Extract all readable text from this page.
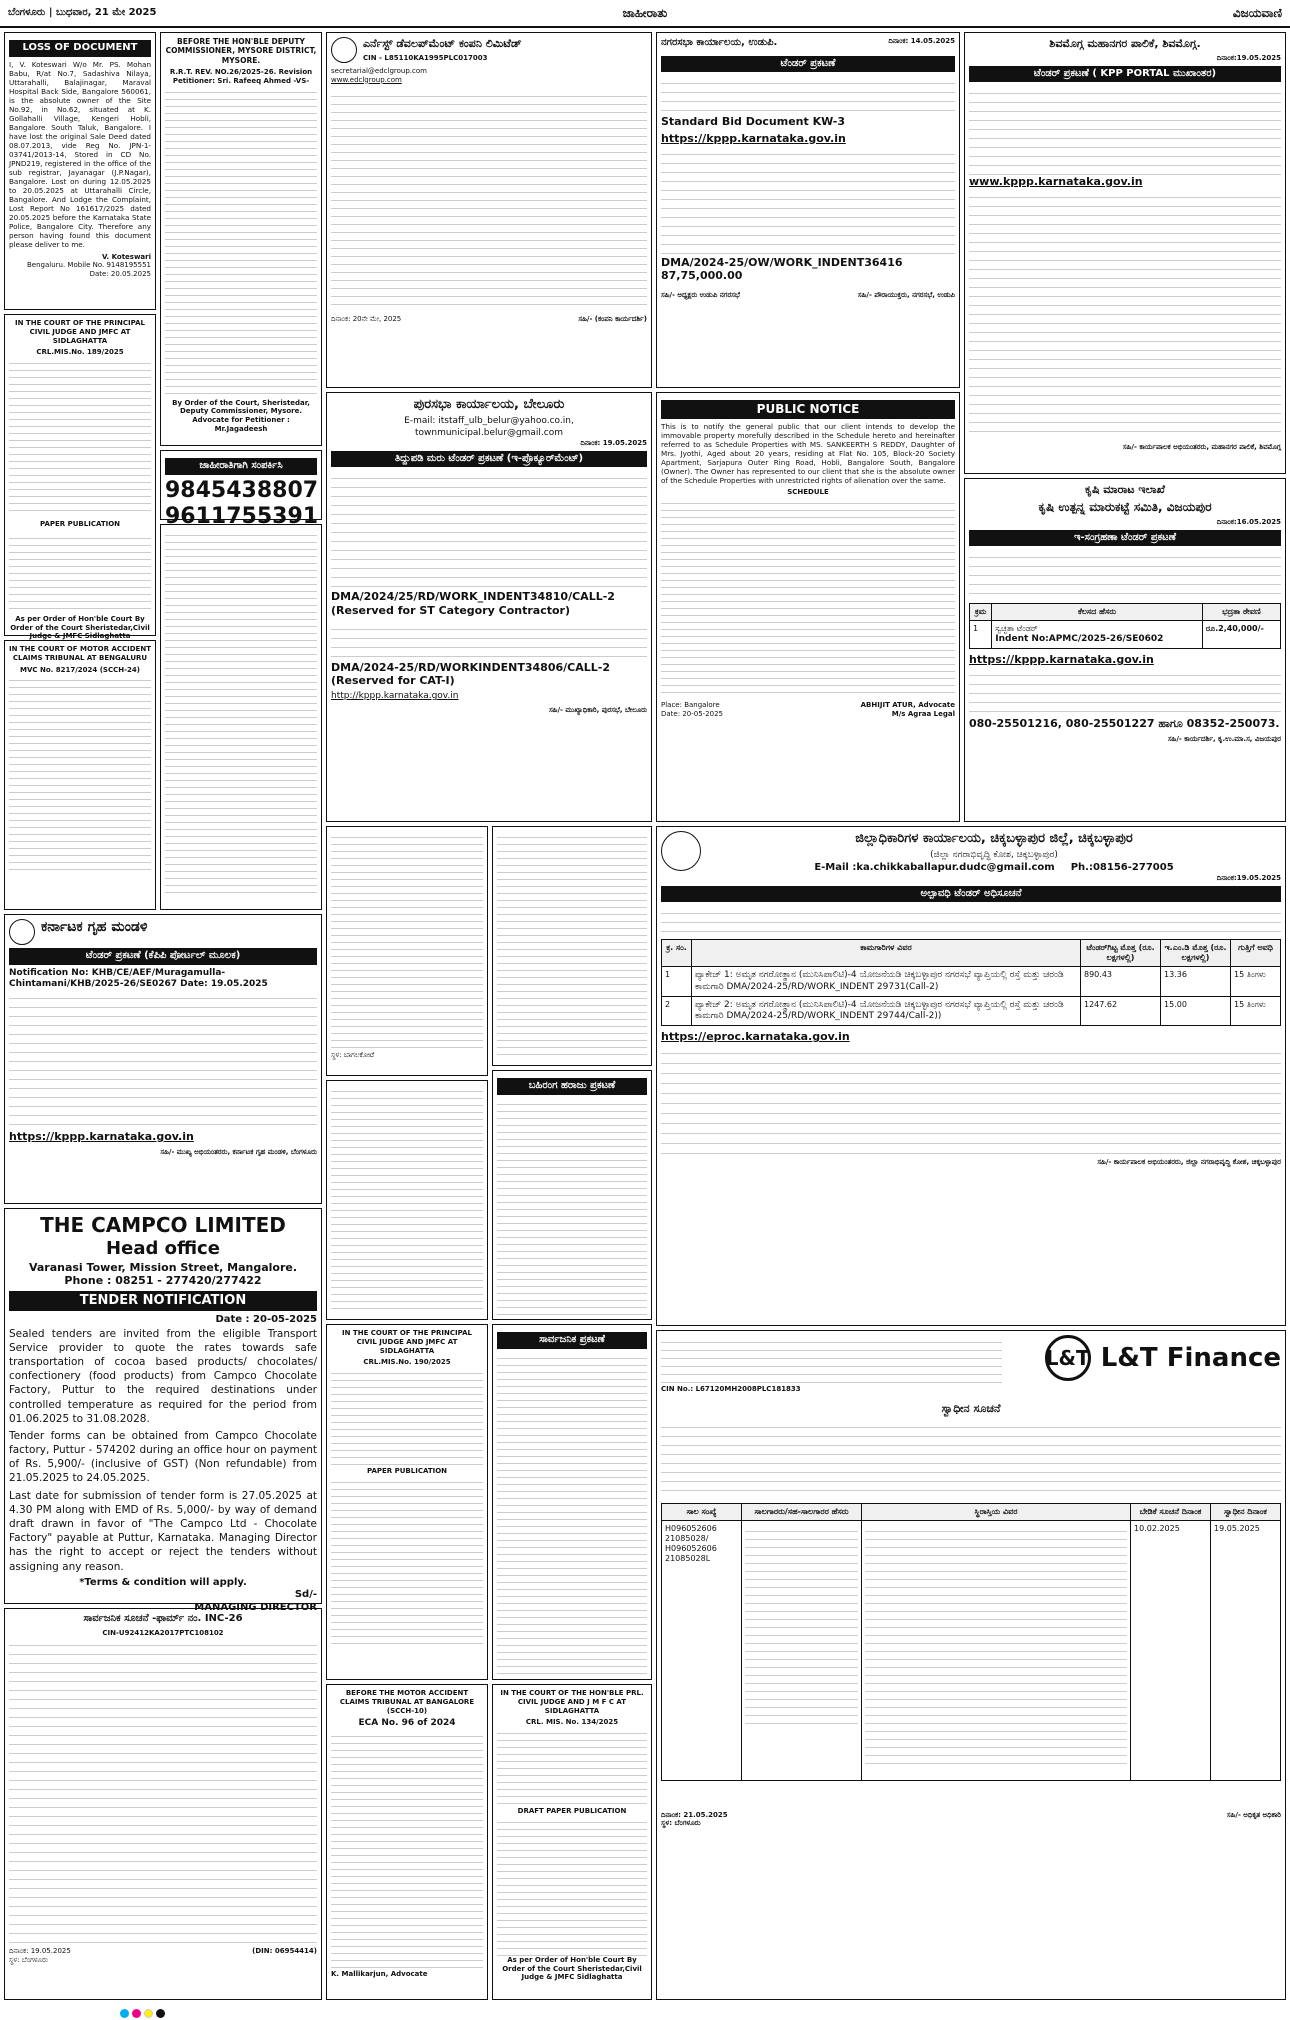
ಬೆಂಗಳೂರು | ಬುಧವಾರ, 21 ಮೇ 2025	ಜಾಹೀರಾತು	ವಿಜಯವಾಣಿ
LOSS OF DOCUMENT

I, V. Koteswari W/o Mr. PS. Mohan Babu, R/at No.7, Sadashiva Nilaya, Uttarahalli, Balajinagar, Maraval Hospital Back Side, Bangalore 560061, is the absolute owner of the Site No.92, in No.62, situated at K. Gollahalli Village, Kengeri Hobli, Bangalore South Taluk, Bangalore. I have lost the original Sale Deed dated 08.07.2013, vide Reg No. JPN-1-03741/2013-14, Stored in CD No. JPND219, registered in the office of the sub registrar, Jayanagar (J.P.Nagar), Bangalore. Lost on during 12.05.2025 to 20.05.2025 at Uttarahalli Circle, Bangalore. And Lodge the Complaint, Lost Report No 161617/2025 dated 20.05.2025 before the Karnataka State Police, Bangalore City. Therefore any person having found this document please deliver to me.

V. Koteswari
Bengaluru. Mobile No. 9148195551 Date: 20.05.2025
IN THE COURT OF THE PRINCIPAL CIVIL JUDGE AND JMFC AT SIDLAGHATTA
CRL.MIS.No. 189/2025
PAPER PUBLICATION
As per Order of Hon'ble Court By Order of the Court Sheristedar,Civil Judge & JMFC Sidlaghatta
IN THE COURT OF MOTOR ACCIDENT CLAIMS TRIBUNAL AT BENGALURU
MVC No. 8217/2024 (SCCH-24)
BEFORE THE HON'BLE DEPUTY COMMISSIONER, MYSORE DISTRICT, MYSORE.
R.R.T. REV. NO.26/2025-26. Revision Petitioner: Sri. Rafeeq Ahmed -VS-
By Order of the Court, Sheristedar, Deputy Commissioner, Mysore. Advocate for Petitioner : Mr.Jagadeesh
ಜಾಹೀರಾತಿಗಾಗಿ ಸಂಪರ್ಕಿಸಿ
9845438807
9611755391
ಎರ್ನೆಸ್ಟ್ ಡೆವಲಪ್‌ಮೆಂಟ್ ಕಂಪನಿ ಲಿಮಿಟೆಡ್
CIN - L85110KA1995PLC017003
secretarial@edclgroup.com
www.edclgroup.com
ದಿನಾಂಕ: 20ನೇ ಮೇ, 2025	ಸಹಿ/- (ಕಂಪನಿ ಕಾರ್ಯದರ್ಶಿ)
ಪುರಸಭಾ ಕಾರ್ಯಾಲಯ, ಬೇಲೂರು
E-mail: itstaff_ulb_belur@yahoo.co.in,
townmunicipal.belur@gmail.com
ದಿನಾಂಕ: 19.05.2025
ತಿದ್ದುಪಡಿ ಮರು ಟೆಂಡರ್ ಪ್ರಕಟಣೆ (ಇ-ಪ್ರೊಕ್ಯೂರ್‌ಮೆಂಟ್)

DMA/2024/25/RD/WORK_INDENT34810/CALL-2 (Reserved for ST Category Contractor)

DMA/2024-25/RD/WORKINDENT34806/CALL-2 (Reserved for CAT-I)

http://kppp.karnataka.gov.in
ಸಹಿ/- ಮುಖ್ಯಾಧಿಕಾರಿ, ಪುರಸಭೆ, ಬೇಲೂರು
ನಗರಸಭಾ ಕಾರ್ಯಾಲಯ, ಉಡುಪಿ.	ದಿನಾಂಕ: 14.05.2025
ಟೆಂಡರ್ ಪ್ರಕಟಣೆ

Standard Bid Document KW-3

https://kppp.karnataka.gov.in
DMA/2024-25/OW/WORK_INDENT36416
87,75,000.00
ಸಹಿ/- ಅಧ್ಯಕ್ಷರು ಉಡುಪಿ ನಗರಸಭೆ	ಸಹಿ/- ಪೌರಾಯುಕ್ತರು, ನಗರಸಭೆ, ಉಡುಪಿ
PUBLIC NOTICE

This is to notify the general public that our client intends to develop the immovable property morefully described in the Schedule hereto and hereinafter referred to as Schedule Properties with MS. SANKEERTH S REDDY, Daughter of Mrs. Jyothi, Aged about 20 years, residing at Flat No. 105, Block-20 Society Apartment, Sarjapura Outer Ring Road, Hobli, Bangalore South, Bangalore (Owner). The Owner has represented to our client that she is the absolute owner of the Schedule Properties with unrestricted rights of alienation over the same.

SCHEDULE
Place: Bangalore
Date: 20-05-2025
ABHIJIT ATUR, Advocate
M/s Agraa Legal
ಶಿವಮೊಗ್ಗ ಮಹಾನಗರ ಪಾಲಿಕೆ, ಶಿವಮೊಗ್ಗ.
ದಿನಾಂಕ:19.05.2025
ಟೆಂಡರ್ ಪ್ರಕಟಣೆ ( KPP PORTAL ಮುಖಾಂತರ)
www.kppp.karnataka.gov.in
ಸಹಿ/- ಕಾರ್ಯಪಾಲಕ ಅಭಿಯಂತರರು, ಮಹಾನಗರ ಪಾಲಿಕೆ, ಶಿವಮೊಗ್ಗ
ಕೃಷಿ ಮಾರಾಟ ಇಲಾಖೆ
ಕೃಷಿ ಉತ್ಪನ್ನ ಮಾರುಕಟ್ಟೆ ಸಮಿತಿ, ವಿಜಯಪುರ
ದಿನಾಂಕ:16.05.2025
ಇ-ಸಂಗ್ರಹಣಾ ಟೆಂಡರ್ ಪ್ರಕಟಣೆ
ಕ್ರಮ	ಕೆಲಸದ ಹೆಸರು	ಭದ್ರತಾ ಠೇವಣಿ
1	ಸ್ವಚ್ಛತಾ ಟೆಂಡರ್
Indent No:APMC/2025-26/SE0602	ರೂ.2,40,000/-
https://kppp.karnataka.gov.in
080-25501216, 080-25501227 ಹಾಗೂ 08352-250073.
ಸಹಿ/- ಕಾರ್ಯದರ್ಶಿ, ಕೃ.ಉ.ಮಾ.ಸ, ವಿಜಯಪುರ
ಕರ್ನಾಟಕ ಗೃಹ ಮಂಡಳಿ
ಟೆಂಡರ್ ಪ್ರಕಟಣೆ (ಕೆಪಿಪಿ ಪೋರ್ಟಲ್ ಮೂಲಕ)
Notification No: KHB/CE/AEF/Muragamulla-Chintamani/KHB/2025-26/SE0267 Date: 19.05.2025
https://kppp.karnataka.gov.in
ಸಹಿ/- ಮುಖ್ಯ ಅಭಿಯಂತರರು, ಕರ್ನಾಟಕ ಗೃಹ ಮಂಡಳಿ, ಬೆಂಗಳೂರು
THE CAMPCO LIMITED
Head office
Varanasi Tower, Mission Street, Mangalore. Phone : 08251 - 277420/277422
TENDER NOTIFICATION
Date : 20-05-2025

Sealed tenders are invited from the eligible Transport Service provider to quote the rates towards safe transportation of cocoa based products/ chocolates/ confectionery (food products) from Campco Chocolate Factory, Puttur to the required destinations under controlled temperature as required for the period from 01.06.2025 to 31.08.2028.

Tender forms can be obtained from Campco Chocolate factory, Puttur - 574202 during an office hour on payment of Rs. 5,900/- (inclusive of GST) (Non refundable) from 21.05.2025 to 24.05.2025.

Last date for submission of tender form is 27.05.2025 at 4.30 PM along with EMD of Rs. 5,000/- by way of demand draft drawn in favor of "The Campco Ltd - Chocolate Factory" payable at Puttur, Karnataka. Managing Director has the right to accept or reject the tenders without assigning any reason.

*Terms & condition will apply.
Sd/-
MANAGING DIRECTOR
ಸಾರ್ವಜನಿಕ ಸೂಚನೆ -ಫಾರ್ಮ್ ನಂ. INC-26
CIN-U92412KA2017PTC108102
ದಿನಾಂಕ: 19.05.2025
ಸ್ಥಳ: ಬೆಂಗಳೂರು
(DIN: 06954414)
ಸ್ಥಳ: ಬಾಗಲಕೋಟೆ
IN THE COURT OF THE PRINCIPAL CIVIL JUDGE AND JMFC AT SIDLAGHATTA
CRL.MIS.No. 190/2025
PAPER PUBLICATION
BEFORE THE MOTOR ACCIDENT CLAIMS TRIBUNAL AT BANGALORE (SCCH-10)
ECA No. 96 of 2024
K. Mallikarjun, Advocate
ಬಹಿರಂಗ ಹರಾಜು ಪ್ರಕಟಣೆ
ಸಾರ್ವಜನಿಕ ಪ್ರಕಟಣೆ
IN THE COURT OF THE HON'BLE PRL. CIVIL JUDGE AND J M F C AT SIDLAGHATTA
CRL. MIS. No. 134/2025
DRAFT PAPER PUBLICATION
As per Order of Hon'ble Court By Order of the Court Sheristedar,Civil Judge & JMFC Sidlaghatta
ಜಿಲ್ಲಾಧಿಕಾರಿಗಳ ಕಾರ್ಯಾಲಯ, ಚಿಕ್ಕಬಳ್ಳಾಪುರ ಜಿಲ್ಲೆ, ಚಿಕ್ಕಬಳ್ಳಾಪುರ
(ಜಿಲ್ಲಾ ನಗರಾಭಿವೃದ್ಧಿ ಕೋಶ, ಚಿಕ್ಕಬಳ್ಳಾಪುರ)
E-Mail :ka.chikkaballapur.dudc@gmail.com Ph.:08156-277005
ದಿನಾಂಕ:19.05.2025
ಅಲ್ಪಾವಧಿ ಟೆಂಡರ್ ಅಧಿಸೂಚನೆ
ಕ್ರ. ಸಂ.	ಕಾಮಗಾರಿಗಳ ವಿವರ	ಟೆಂಡರ್‌ಗಿಟ್ಟ ಮೊತ್ತ (ರೂ. ಲಕ್ಷಗಳಲ್ಲಿ)	ಇ.ಎಂ.ಡಿ ಮೊತ್ತ (ರೂ. ಲಕ್ಷಗಳಲ್ಲಿ)	ಗುತ್ತಿಗೆ ಅವಧಿ
1	ಪ್ಯಾಕೇಜ್ 1: ಅಮೃತ ನಗರೋತ್ಥಾನ (ಮುನಿಸಿಪಾಲಿಟಿ)-4 ಯೋಜನೆಯಡಿ ಚಿಕ್ಕಬಳ್ಳಾಪುರ ನಗರಸಭೆ ವ್ಯಾಪ್ತಿಯಲ್ಲಿ ರಸ್ತೆ ಮತ್ತು ಚರಂಡಿ ಕಾಮಗಾರಿ DMA/2024-25/RD/WORK_INDENT 29731(Call-2)	890.43	13.36	15 ತಿಂಗಳು
2	ಪ್ಯಾಕೇಜ್ 2: ಅಮೃತ ನಗರೋತ್ಥಾನ (ಮುನಿಸಿಪಾಲಿಟಿ)-4 ಯೋಜನೆಯಡಿ ಚಿಕ್ಕಬಳ್ಳಾಪುರ ನಗರಸಭೆ ವ್ಯಾಪ್ತಿಯಲ್ಲಿ ರಸ್ತೆ ಮತ್ತು ಚರಂಡಿ ಕಾಮಗಾರಿ DMA/2024-25/RD/WORK_INDENT 29744/Call-2))	1247.62	15.00	15 ತಿಂಗಳು
https://eproc.karnataka.gov.in
ಸಹಿ/- ಕಾರ್ಯಪಾಲಕ ಅಭಿಯಂತರರು, ಜಿಲ್ಲಾ ನಗರಾಭಿವೃದ್ಧಿ ಕೋಶ, ಚಿಕ್ಕಬಳ್ಳಾಪುರ
CIN No.: L67120MH2008PLC181833
L&T L&T Finance
ಸ್ವಾಧೀನ ಸೂಚನೆ
ಸಾಲ ಸಂಖ್ಯೆ	ಸಾಲಗಾರರು/ಸಹ-ಸಾಲಗಾರರ ಹೆಸರು	ಸ್ಥಿರಾಸ್ತಿಯ ವಿವರ	ಬೇಡಿಕೆ ಸೂಚನೆ ದಿನಾಂಕ	ಸ್ವಾಧೀನ ದಿನಾಂಕ
H096052606 21085028/ H096052606 21085028L			10.02.2025	19.05.2025
ದಿನಾಂಕ: 21.05.2025
ಸ್ಥಳ: ಬೆಂಗಳೂರು
ಸಹಿ/- ಅಧಿಕೃತ ಅಧಿಕಾರಿ
